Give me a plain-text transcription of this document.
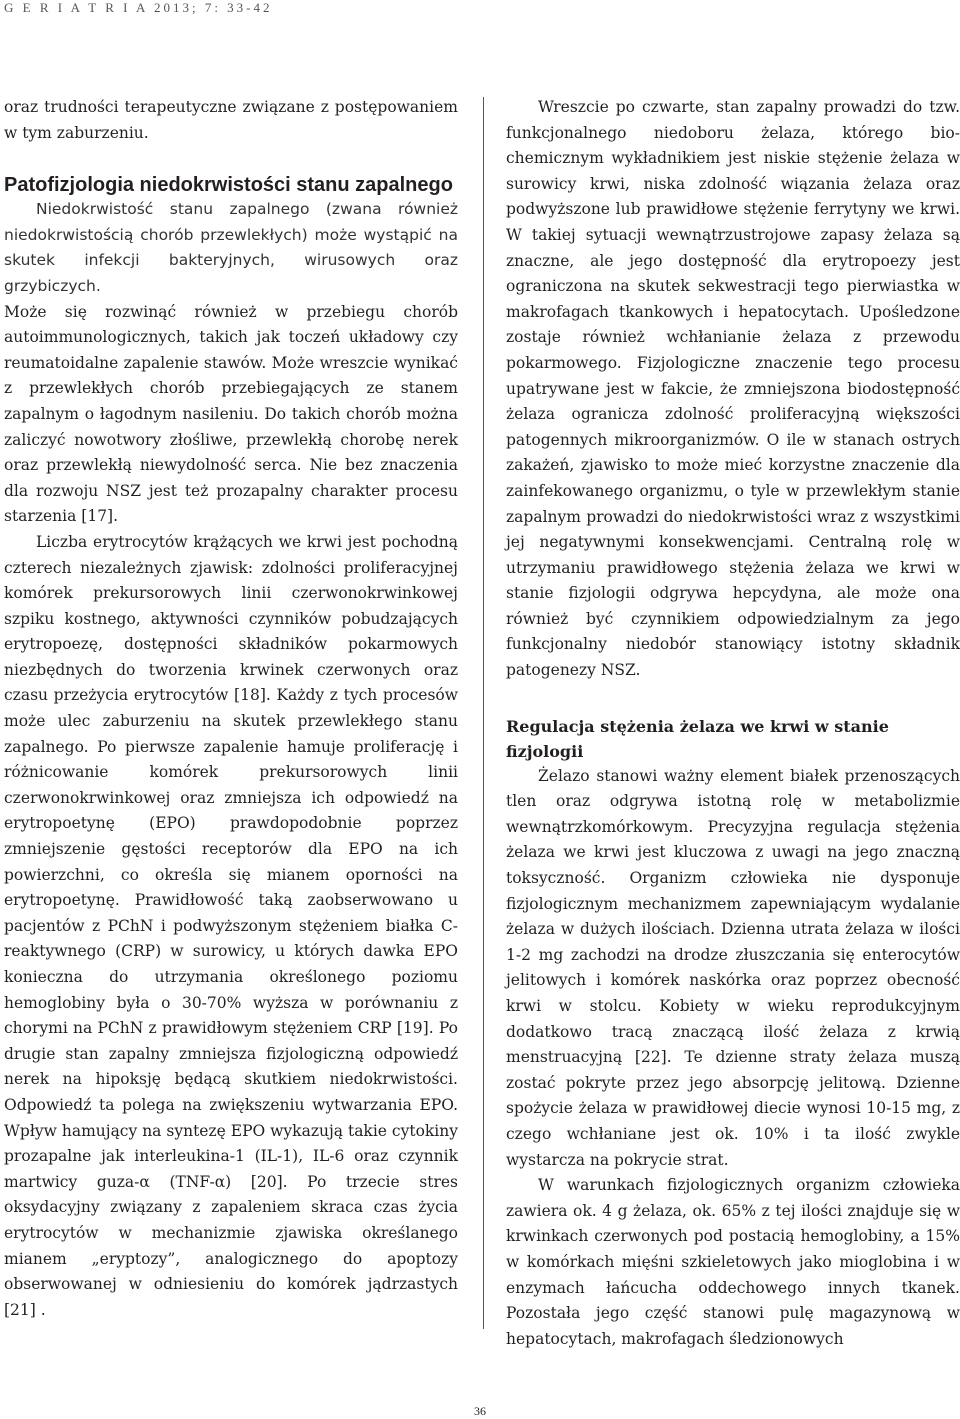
G E R I A T R I A 2013; 7: 33-42

oraz trudności terapeutyczne związane z postępowaniem w tym zaburzeniu.

Patofizjologia niedokrwistości stanu zapalnego

Niedokrwistość stanu zapalnego (zwana również niedokrwistością chorób przewlekłych) może wystąpić na skutek infekcji bakteryjnych, wirusowych oraz grzybiczych.

Może się rozwinąć również w przebiegu chorób autoimmunologicznych, takich jak toczeń układowy czy reumatoidalne zapalenie stawów. Może wreszcie wynikać z przewlekłych chorób przebiegających ze stanem zapalnym o łagodnym nasileniu. Do takich chorób można zaliczyć nowotwory złośliwe, przewlekłą chorobę nerek oraz przewlekłą niewydolność serca. Nie bez znaczenia dla rozwoju NSZ jest też prozapalny charakter procesu starzenia [17].

Liczba erytrocytów krążących we krwi jest pochodną czterech niezależnych zjawisk: zdolności proliferacyjnej komórek prekursorowych linii czerwonokrwinkowej szpiku kostnego, aktywności czynników pobudzających erytropoezę, dostępności składników pokarmowych niezbędnych do tworzenia krwinek czerwonych oraz czasu przeżycia erytrocytów [18]. Każdy z tych procesów może ulec zaburzeniu na skutek przewlekłego stanu zapalnego. Po pierwsze zapalenie hamuje proliferację i różnicowanie komórek prekursorowych linii czerwonokrwinkowej oraz zmniejsza ich odpowiedź na erytropoetynę (EPO) prawdopodobnie poprzez zmniejszenie gęstości receptorów dla EPO na ich powierzchni, co określa się mianem oporności na erytropoetynę. Prawidłowość taką zaobserwowano u pacjentów z PChN i podwyższonym stężeniem białka C-reaktywnego (CRP) w surowicy, u których dawka EPO konieczna do utrzymania określonego poziomu hemoglobiny była o 30-70% wyższa w porównaniu z chorymi na PChN z prawidłowym stężeniem CRP [19]. Po drugie stan zapalny zmniejsza fizjologiczną odpowiedź nerek na hipoksję będącą skutkiem niedokrwistości. Odpowiedź ta polega na zwiększeniu wytwarzania EPO. Wpływ hamujący na syntezę EPO wykazują takie cytokiny prozapalne jak interleukina-1 (IL-1), IL-6 oraz czynnik martwicy guza-α (TNF-α) [20]. Po trzecie stres oksydacyjny związany z zapaleniem skraca czas życia erytrocytów w mechanizmie zjawiska określanego mianem „eryptozy”, analogicznego do apoptozy obserwowanej w odniesieniu do komórek jądrzastych [21] .

Wreszcie po czwarte, stan zapalny prowadzi do tzw. funkcjonalnego niedoboru żelaza, którego biochemicznym wykładnikiem jest niskie stężenie żelaza w surowicy krwi, niska zdolność wiązania żelaza oraz podwyższone lub prawidłowe stężenie ferrytyny we krwi. W takiej sytuacji wewnątrzustrojowe zapasy żelaza są znaczne, ale jego dostępność dla erytropoezy jest ograniczona na skutek sekwestracji tego pierwiastka w makrofagach tkankowych i hepatocytach. Upośledzone zostaje również wchłanianie żelaza z przewodu pokarmowego. Fizjologiczne znaczenie tego procesu upatrywane jest w fakcie, że zmniejszona biodostępność żelaza ogranicza zdolność proliferacyjną większości patogennych mikroorganizmów. O ile w stanach ostrych zakażeń, zjawisko to może mieć korzystne znaczenie dla zainfekowanego organizmu, o tyle w przewlekłym stanie zapalnym prowadzi do niedokrwistości wraz z wszystkimi jej negatywnymi konsekwencjami. Centralną rolę w utrzymaniu prawidłowego stężenia żelaza we krwi w stanie fizjologii odgrywa hepcydyna, ale może ona również być czynnikiem odpowiedzialnym za jego funkcjonalny niedobór stanowiący istotny składnik patogenezy NSZ.

Regulacja stężenia żelaza we krwi w stanie fizjologii

Żelazo stanowi ważny element białek przenoszących tlen oraz odgrywa istotną rolę w metabolizmie wewnątrzkomórkowym. Precyzyjna regulacja stężenia żelaza we krwi jest kluczowa z uwagi na jego znaczną toksyczność. Organizm człowieka nie dysponuje fizjologicznym mechanizmem zapewniającym wydalanie żelaza w dużych ilościach. Dzienna utrata żelaza w ilości 1-2 mg zachodzi na drodze złuszczania się enterocytów jelitowych i komórek naskórka oraz poprzez obecność krwi w stolcu. Kobiety w wieku reprodukcyjnym dodatkowo tracą znaczącą ilość żelaza z krwią menstruacyjną [22]. Te dzienne straty żelaza muszą zostać pokryte przez jego absorpcję jelitową. Dzienne spożycie żelaza w prawidłowej diecie wynosi 10-15 mg, z czego wchłaniane jest ok. 10% i ta ilość zwykle wystarcza na pokrycie strat.

W warunkach fizjologicznych organizm człowieka zawiera ok. 4 g żelaza, ok. 65% z tej ilości znajduje się w krwinkach czerwonych pod postacią hemoglobiny, a 15% w komórkach mięśni szkieletowych jako mioglobina i w enzymach łańcucha oddechowego innych tkanek. Pozostała jego część stanowi pulę magazynową w hepatocytach, makrofagach śledzionowych

36
